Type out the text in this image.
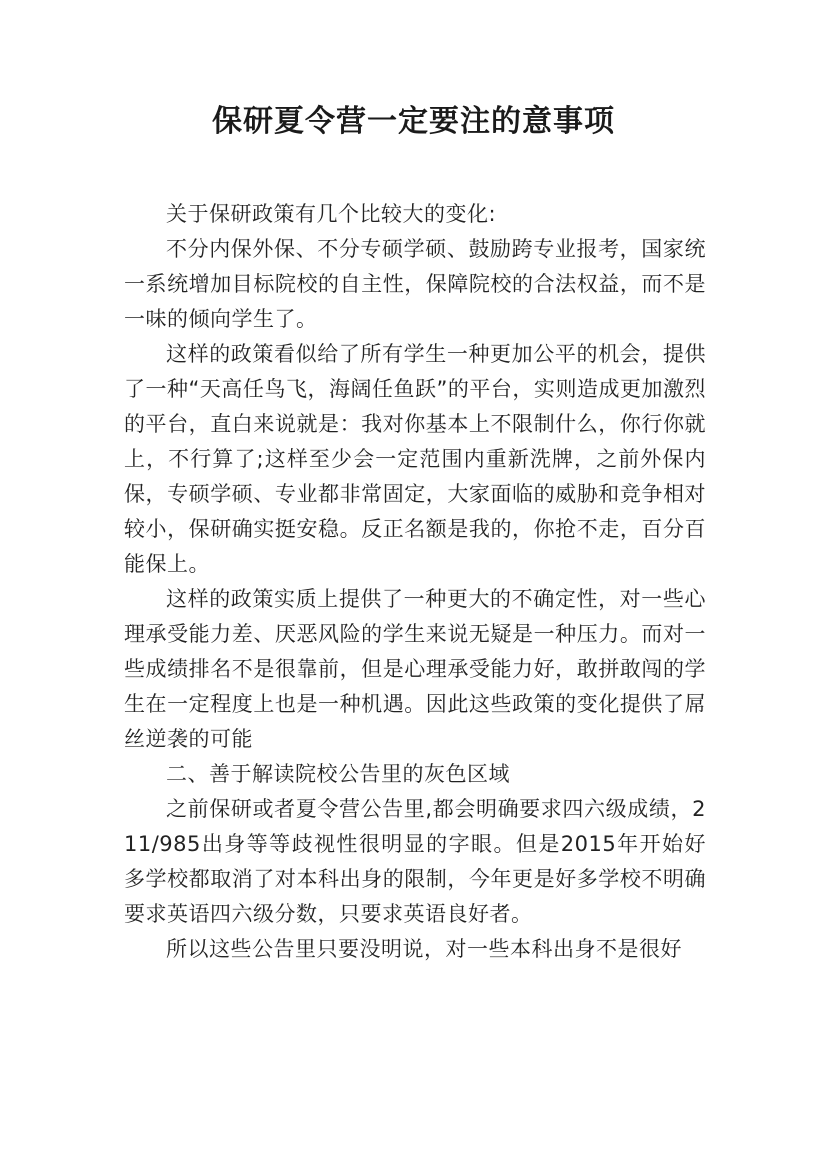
保研夏令营一定要注的意事项

关于保研政策有几个比较大的变化:

不分内保外保、不分专硕学硕、鼓励跨专业报考，国家统一系统增加目标院校的自主性，保障院校的合法权益，而不是一味的倾向学生了。

这样的政策看似给了所有学生一种更加公平的机会，提供了一种“天高任鸟飞，海阔任鱼跃”的平台，实则造成更加激烈的平台，直白来说就是：我对你基本上不限制什么，你行你就上，不行算了;这样至少会一定范围内重新洗牌，之前外保内保，专硕学硕、专业都非常固定，大家面临的威胁和竞争相对较小，保研确实挺安稳。反正名额是我的，你抢不走，百分百能保上。

这样的政策实质上提供了一种更大的不确定性，对一些心理承受能力差、厌恶风险的学生来说无疑是一种压力。而对一些成绩排名不是很靠前，但是心理承受能力好，敢拼敢闯的学生在一定程度上也是一种机遇。因此这些政策的变化提供了屌丝逆袭的可能

二、善于解读院校公告里的灰色区域

之前保研或者夏令营公告里,都会明确要求四六级成绩，211/985出身等等歧视性很明显的字眼。但是2015年开始好多学校都取消了对本科出身的限制，今年更是好多学校不明确要求英语四六级分数，只要求英语良好者。

所以这些公告里只要没明说，对一些本科出身不是很好
